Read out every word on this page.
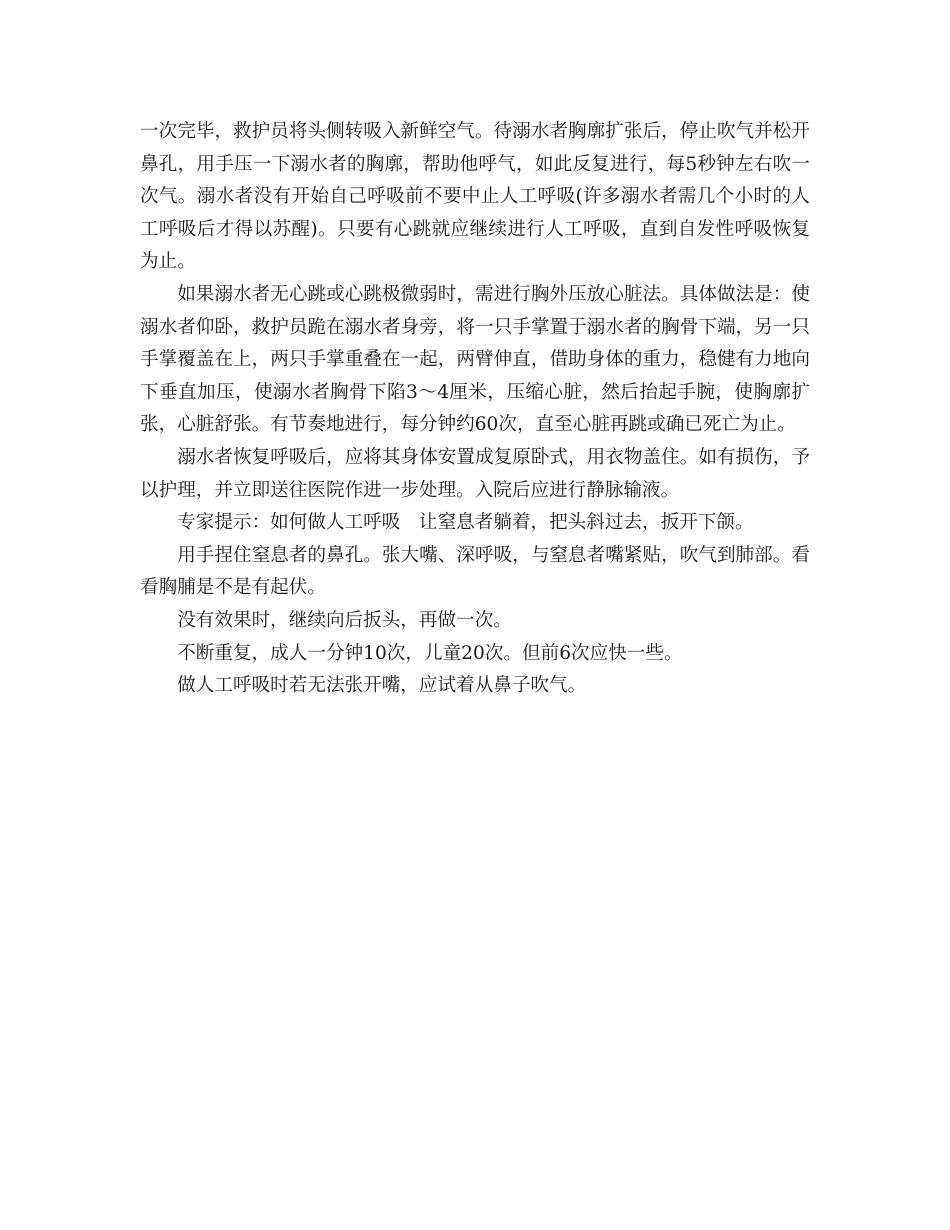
一次完毕，救护员将头侧转吸入新鲜空气。待溺水者胸廓扩张后，停止吹气并松开鼻孔，用手压一下溺水者的胸廓，帮助他呼气，如此反复进行，每5秒钟左右吹一次气。溺水者没有开始自己呼吸前不要中止人工呼吸(许多溺水者需几个小时的人工呼吸后才得以苏醒)。只要有心跳就应继续进行人工呼吸，直到自发性呼吸恢复为止。

如果溺水者无心跳或心跳极微弱时，需进行胸外压放心脏法。具体做法是：使溺水者仰卧，救护员跪在溺水者身旁，将一只手掌置于溺水者的胸骨下端，另一只手掌覆盖在上，两只手掌重叠在一起，两臂伸直，借助身体的重力，稳健有力地向下垂直加压，使溺水者胸骨下陷3～4厘米，压缩心脏，然后抬起手腕，使胸廓扩张，心脏舒张。有节奏地进行，每分钟约60次，直至心脏再跳或确已死亡为止。

溺水者恢复呼吸后，应将其身体安置成复原卧式，用衣物盖住。如有损伤，予以护理，并立即送往医院作进一步处理。入院后应进行静脉输液。

专家提示：如何做人工呼吸　让窒息者躺着，把头斜过去，扳开下颌。

用手捏住窒息者的鼻孔。张大嘴、深呼吸，与窒息者嘴紧贴，吹气到肺部。看看胸脯是不是有起伏。

没有效果时，继续向后扳头，再做一次。

不断重复，成人一分钟10次，儿童20次。但前6次应快一些。

做人工呼吸时若无法张开嘴，应试着从鼻子吹气。
